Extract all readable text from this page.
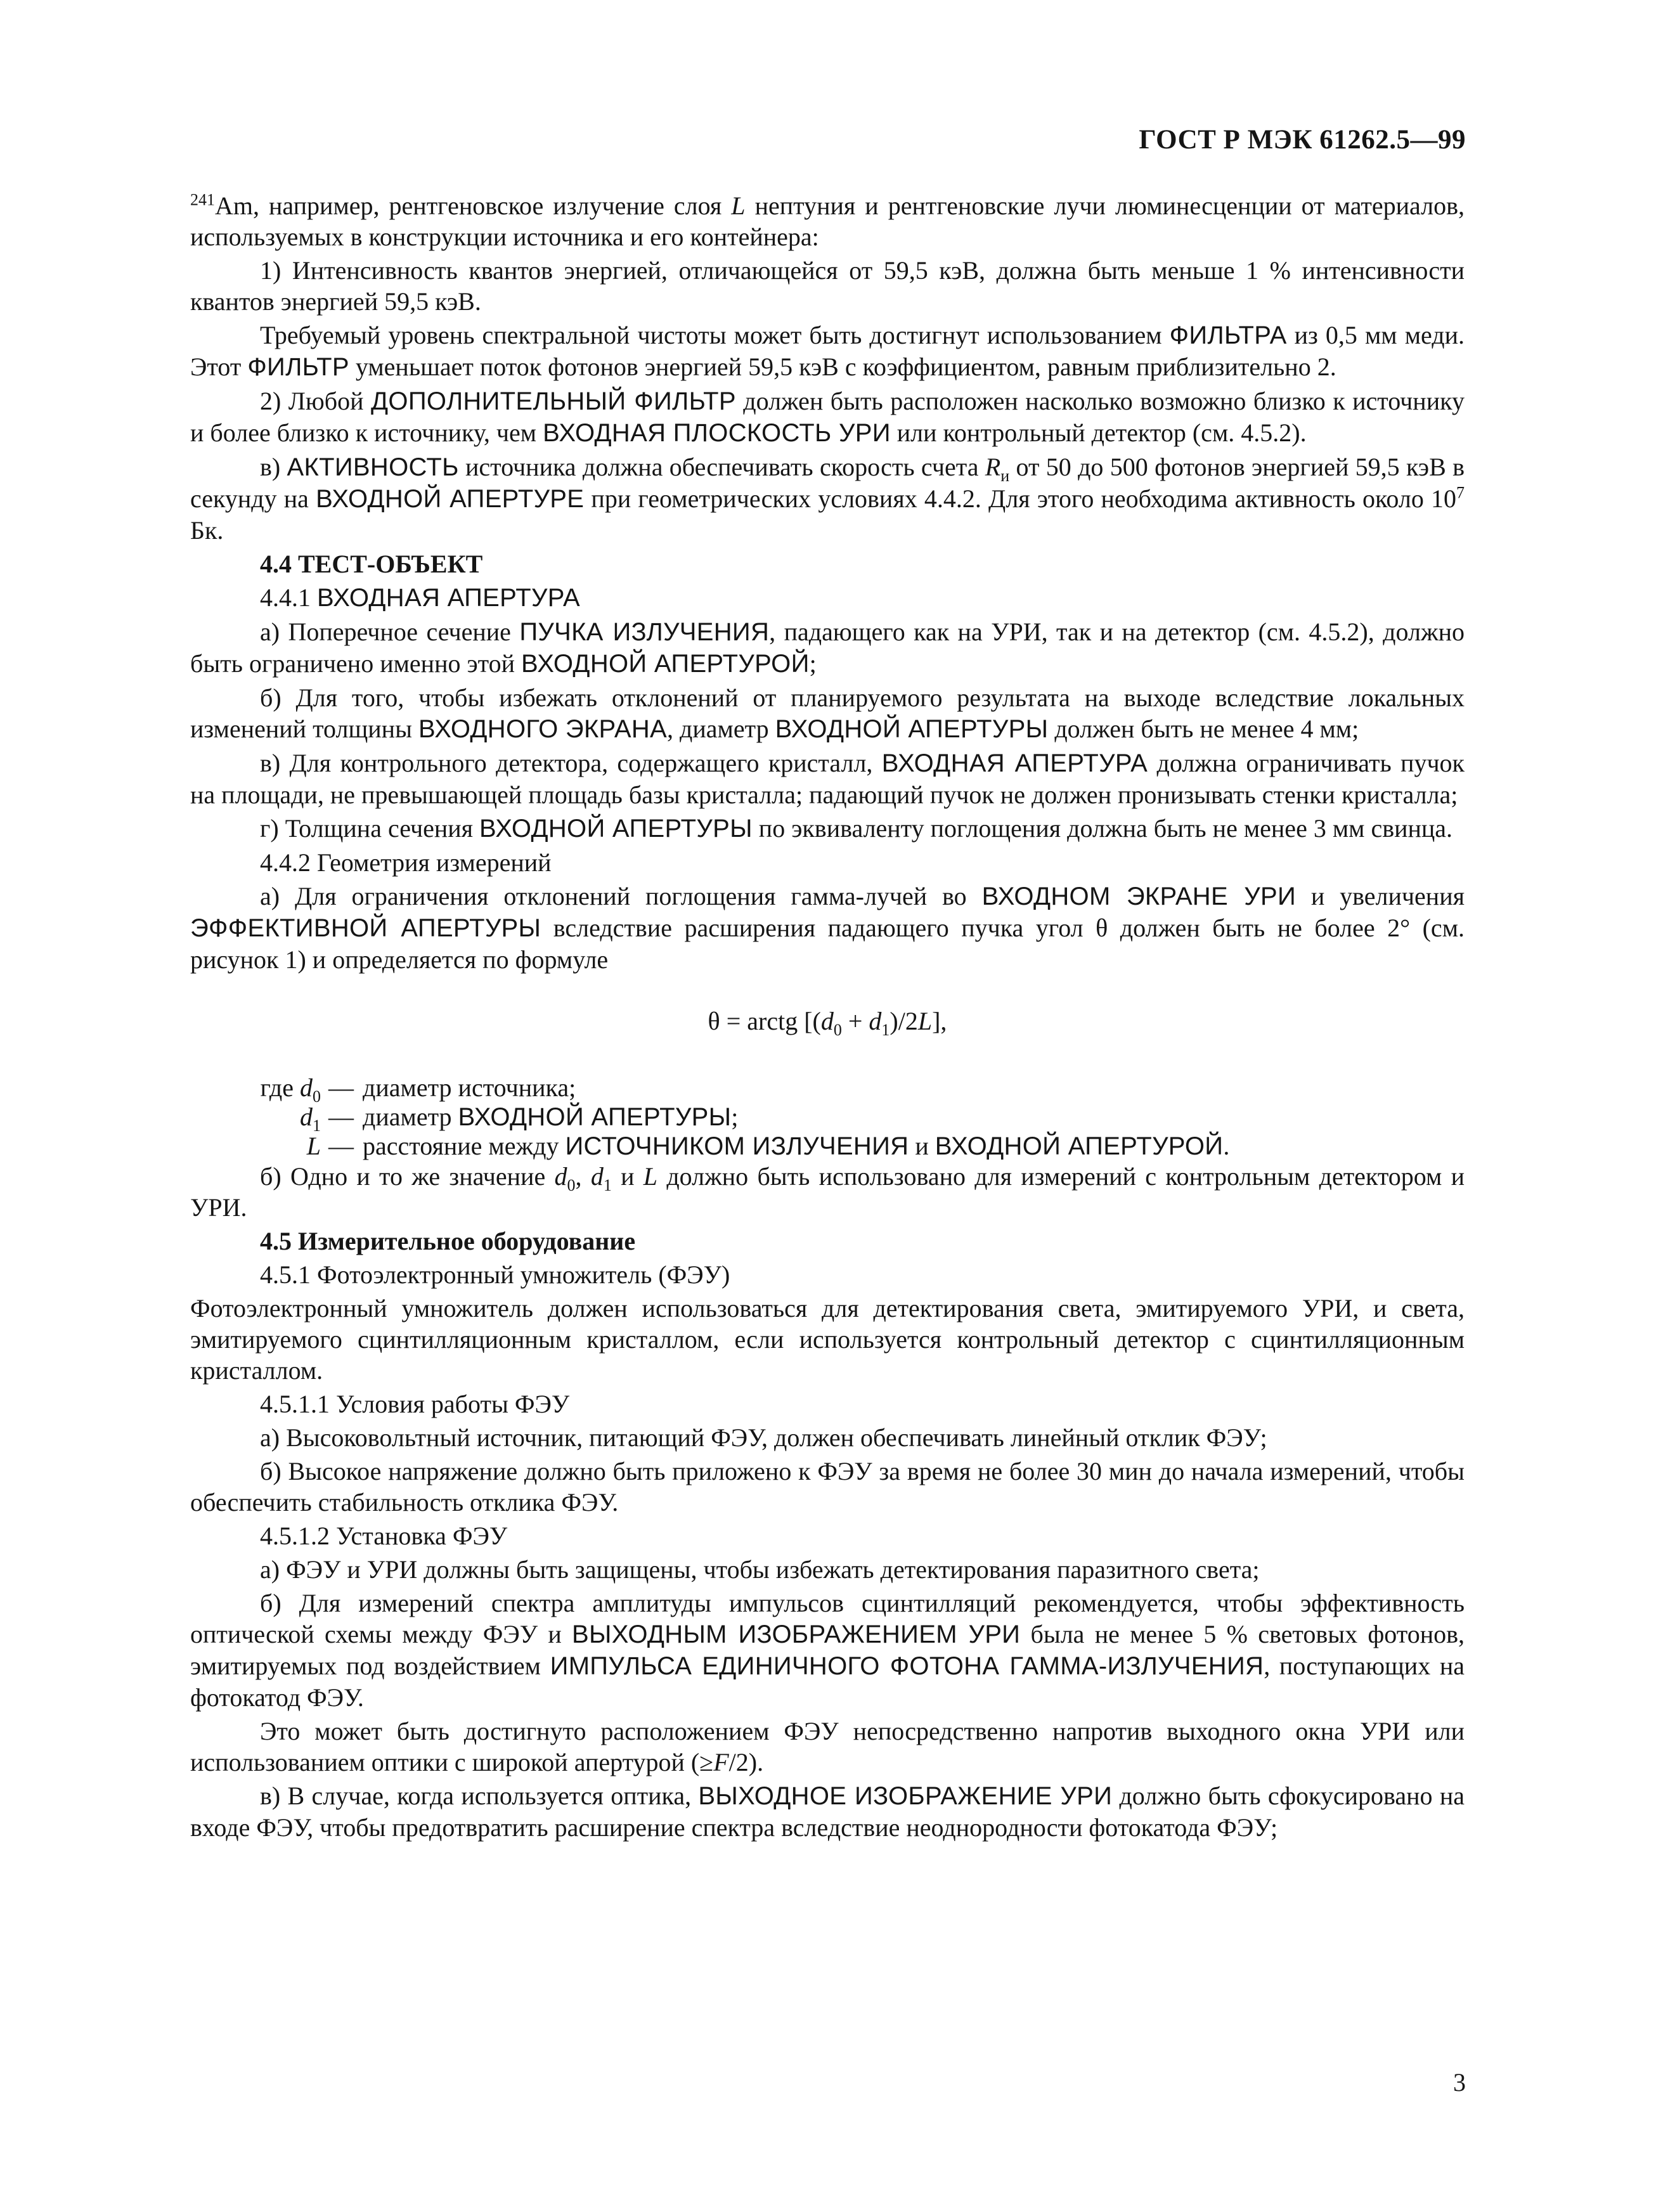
ГОСТ Р МЭК 61262.5—99

$^{241}$Am, например, рентгеновское излучение слоя L нептуния и рентгеновские лучи люминесценции от материалов, используемых в конструкции источника и его контейнера:

1) Интенсивность квантов энергией, отличающейся от 59,5 кэВ, должна быть меньше 1 % интенсивности квантов энергией 59,5 кэВ.

Требуемый уровень спектральной чистоты может быть достигнут использованием ФИЛЬТРА из 0,5 мм меди. Этот ФИЛЬТР уменьшает поток фотонов энергией 59,5 кэВ с коэффициентом, равным приблизительно 2.

2) Любой ДОПОЛНИТЕЛЬНЫЙ ФИЛЬТР должен быть расположен насколько возможно близко к источнику и более близко к источнику, чем ВХОДНАЯ ПЛОСКОСТЬ УРИ или контрольный детектор (см. 4.5.2).

в) АКТИВНОСТЬ источника должна обеспечивать скорость счета $R_и$ от 50 до 500 фотонов энергией 59,5 кэВ в секунду на ВХОДНОЙ АПЕРТУРЕ при геометрических условиях 4.4.2. Для этого необходима активность около $10^7$ Бк.

4.4 ТЕСТ-ОБЪЕКТ

4.4.1 ВХОДНАЯ АПЕРТУРА

а) Поперечное сечение ПУЧКА ИЗЛУЧЕНИЯ, падающего как на УРИ, так и на детектор (см. 4.5.2), должно быть ограничено именно этой ВХОДНОЙ АПЕРТУРОЙ;

б) Для того, чтобы избежать отклонений от планируемого результата на выходе вследствие локальных изменений толщины ВХОДНОГО ЭКРАНА, диаметр ВХОДНОЙ АПЕРТУРЫ должен быть не менее 4 мм;

в) Для контрольного детектора, содержащего кристалл, ВХОДНАЯ АПЕРТУРА должна ограничивать пучок на площади, не превышающей площадь базы кристалла; падающий пучок не должен пронизывать стенки кристалла;

г) Толщина сечения ВХОДНОЙ АПЕРТУРЫ по эквиваленту поглощения должна быть не менее 3 мм свинца.

4.4.2 Геометрия измерений

а) Для ограничения отклонений поглощения гамма-лучей во ВХОДНОМ ЭКРАНЕ УРИ и увеличения ЭФФЕКТИВНОЙ АПЕРТУРЫ вследствие расширения падающего пучка угол θ должен быть не более 2° (см. рисунок 1) и определяется по формуле

θ = arctg $[(d_0 + d_1)/2L]$,

где $d_0$ — диаметр источника;
$d_1$ — диаметр ВХОДНОЙ АПЕРТУРЫ;
L — расстояние между ИСТОЧНИКОМ ИЗЛУЧЕНИЯ и ВХОДНОЙ АПЕРТУРОЙ.

б) Одно и то же значение $d_0$, $d_1$ и L должно быть использовано для измерений с контрольным детектором и УРИ.

4.5 Измерительное оборудование

4.5.1 Фотоэлектронный умножитель (ФЭУ)

Фотоэлектронный умножитель должен использоваться для детектирования света, эмитируемого УРИ, и света, эмитируемого сцинтилляционным кристаллом, если используется контрольный детектор с сцинтилляционным кристаллом.

4.5.1.1 Условия работы ФЭУ

а) Высоковольтный источник, питающий ФЭУ, должен обеспечивать линейный отклик ФЭУ;

б) Высокое напряжение должно быть приложено к ФЭУ за время не более 30 мин до начала измерений, чтобы обеспечить стабильность отклика ФЭУ.

4.5.1.2 Установка ФЭУ

а) ФЭУ и УРИ должны быть защищены, чтобы избежать детектирования паразитного света;

б) Для измерений спектра амплитуды импульсов сцинтилляций рекомендуется, чтобы эффективность оптической схемы между ФЭУ и ВЫХОДНЫМ ИЗОБРАЖЕНИЕМ УРИ была не менее 5 % световых фотонов, эмитируемых под воздействием ИМПУЛЬСА ЕДИНИЧНОГО ФОТОНА ГАММА-ИЗЛУЧЕНИЯ, поступающих на фотокатод ФЭУ.

Это может быть достигнуто расположением ФЭУ непосредственно напротив выходного окна УРИ или использованием оптики с широкой апертурой (≥F/2).

в) В случае, когда используется оптика, ВЫХОДНОЕ ИЗОБРАЖЕНИЕ УРИ должно быть сфокусировано на входе ФЭУ, чтобы предотвратить расширение спектра вследствие неоднородности фотокатода ФЭУ;

3
